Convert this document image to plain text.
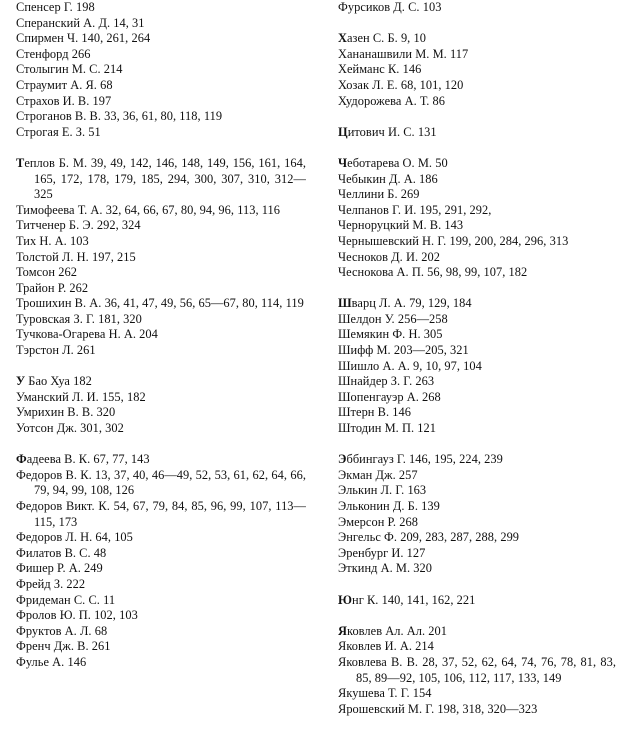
Спенсер Г. 198
Сперанский А. Д. 14, 31
Спирмен Ч. 140, 261, 264
Стенфорд 266
Столыгин М. С. 214
Страумит А. Я. 68
Страхов И. В. 197
Строганов В. В. 33, 36, 61, 80, 118, 119
Строгая Е. З. 51
Теплов Б. М. 39, 49, 142, 146, 148, 149, 156, 161, 164, 165, 172, 178, 179, 185, 294, 300, 307, 310, 312—325
Тимофеева Т. А. 32, 64, 66, 67, 80, 94, 96, 113, 116
Титченер Б. Э. 292, 324
Тих Н. А. 103
Толстой Л. Н. 197, 215
Томсон 262
Трайон Р. 262
Трошихин В. А. 36, 41, 47, 49, 56, 65—67, 80, 114, 119
Туровская З. Г. 181, 320
Тучкова-Огарева Н. А. 204
Тэрстон Л. 261
У Бао Хуа 182
Уманский Л. И. 155, 182
Умрихин В. В. 320
Уотсон Дж. 301, 302
Фадеева В. К. 67, 77, 143
Федоров В. К. 13, 37, 40, 46—49, 52, 53, 61, 62, 64, 66, 79, 94, 99, 108, 126
Федоров Викт. К. 54, 67, 79, 84, 85, 96, 99, 107, 113—115, 173
Федоров Л. Н. 64, 105
Филатов В. С. 48
Фишер Р. А. 249
Фрейд З. 222
Фридеман С. С. 11
Фролов Ю. П. 102, 103
Фруктов А. Л. 68
Френч Дж. В. 261
Фулье А. 146
Фурсиков Д. С. 103
Хазен С. Б. 9, 10
Хананашвили М. М. 117
Хейманс К. 146
Хозак Л. Е. 68, 101, 120
Худорожева А. Т. 86
Цитович И. С. 131
Чеботарева О. М. 50
Чебыкин Д. А. 186
Челлини Б. 269
Челпанов Г. И. 195, 291, 292,
Черноруцкий М. В. 143
Чернышевский Н. Г. 199, 200, 284, 296, 313
Чесноков Д. И. 202
Чеснокова А. П. 56, 98, 99, 107, 182
Шварц Л. А. 79, 129, 184
Шелдон У. 256—258
Шемякин Ф. Н. 305
Шифф М. 203—205, 321
Шишло А. А. 9, 10, 97, 104
Шнайдер З. Г. 263
Шопенгауэр А. 268
Штерн В. 146
Штодин М. П. 121
Эббингауз Г. 146, 195, 224, 239
Экман Дж. 257
Элькин Л. Г. 163
Эльконин Д. Б. 139
Эмерсон Р. 268
Энгельс Ф. 209, 283, 287, 288, 299
Эренбург И. 127
Эткинд А. М. 320
Юнг К. 140, 141, 162, 221
Яковлев Ал. Ал. 201
Яковлев И. А. 214
Яковлева В. В. 28, 37, 52, 62, 64, 74, 76, 78, 81, 83, 85, 89—92, 105, 106, 112, 117, 133, 149
Якушева Т. Г. 154
Ярошевский М. Г. 198, 318, 320—323
